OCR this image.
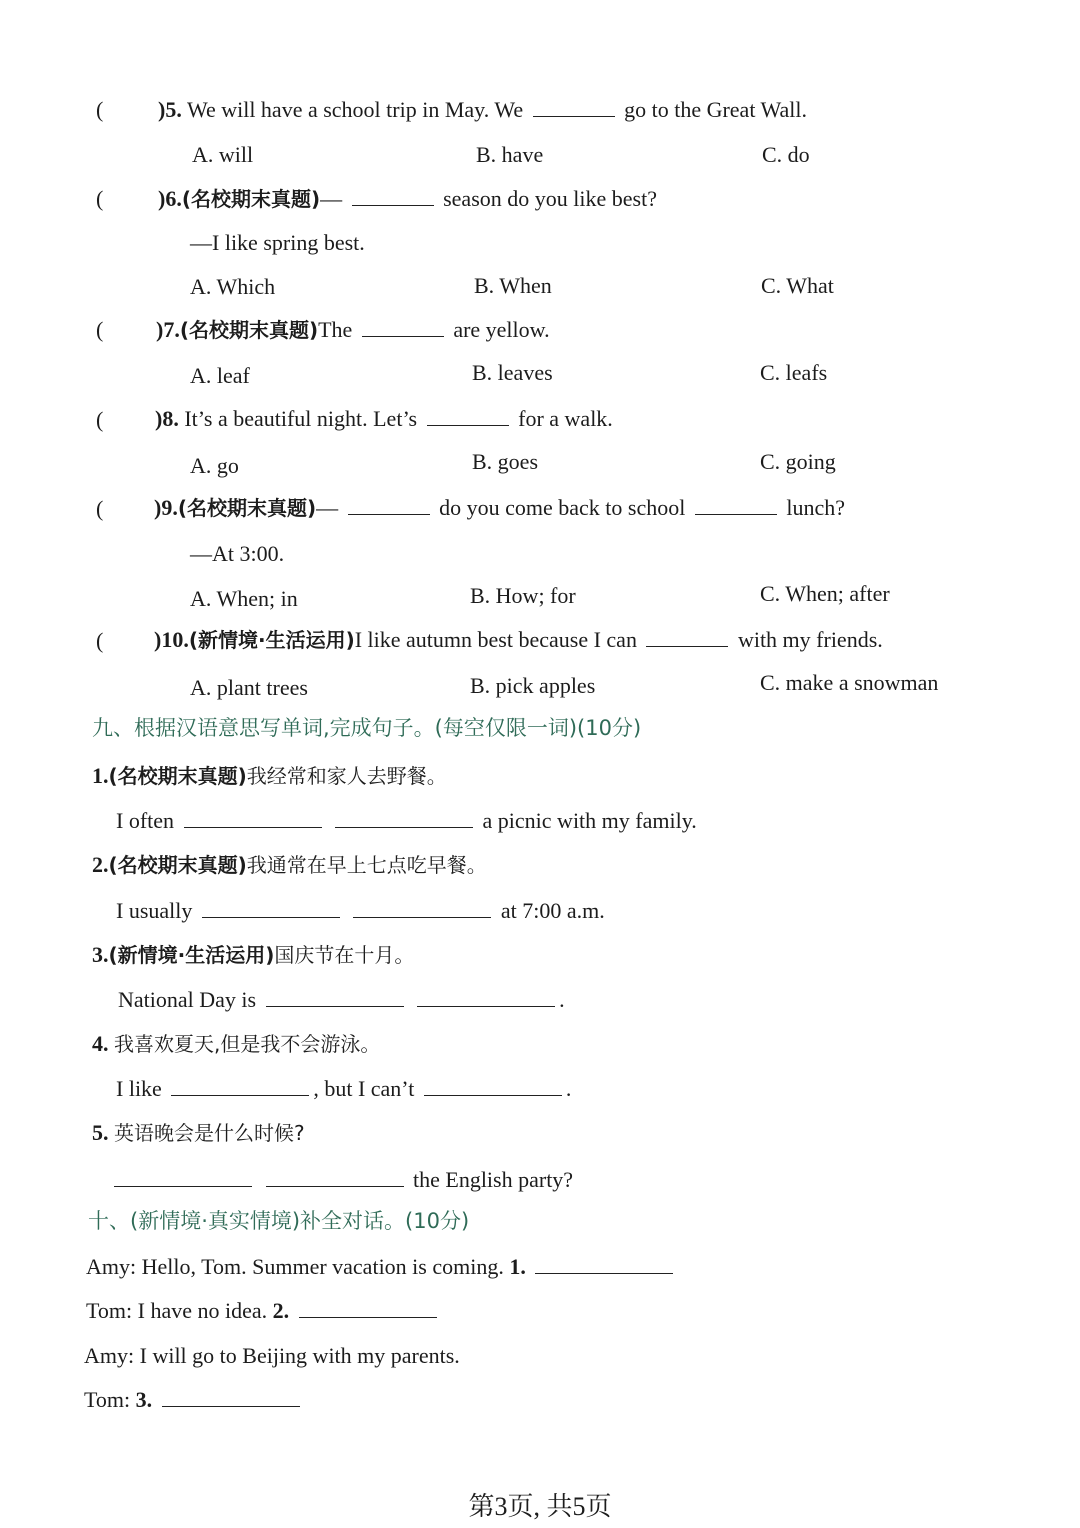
( )5. We will have a school trip in May. We	go to the Great Wall.
A. will	B. have	C. do
( )6.(名校期末真题)—	season do you like best?
—I like spring best.
A. Which	B. When	C. What
( )7.(名校期末真题)The	are yellow.
A. leaf	B. leaves	C. leafs
( )8. It’s a beautiful night. Let’s	for a walk.
A. go	B. goes	C. going
( )9.(名校期末真题)—	do you come back to school	lunch?
—At 3:00.
A. When; in	B. How; for	C. When; after
( )10.(新情境·生活运用)I like autumn best because I can	with my friends.
A. plant trees	B. pick apples	C. make a snowman
九、根据汉语意思写单词,完成句子。(每空仅限一词)(10分)
1.(名校期末真题)我经常和家人去野餐。
I often	a picnic with my family.
2.(名校期末真题)我通常在早上七点吃早餐。
I usually	at 7:00 a.m.
3.(新情境·生活运用)国庆节在十月。
National Day is	.
4. 我喜欢夏天,但是我不会游泳。
I like	, but I can’t	.
5. 英语晚会是什么时候?
the English party?
十、(新情境·真实情境)补全对话。(10分)
Amy: Hello, Tom. Summer vacation is coming. 1.
Tom: I have no idea. 2.
Amy: I will go to Beijing with my parents.
Tom: 3.
第3页, 共5页
